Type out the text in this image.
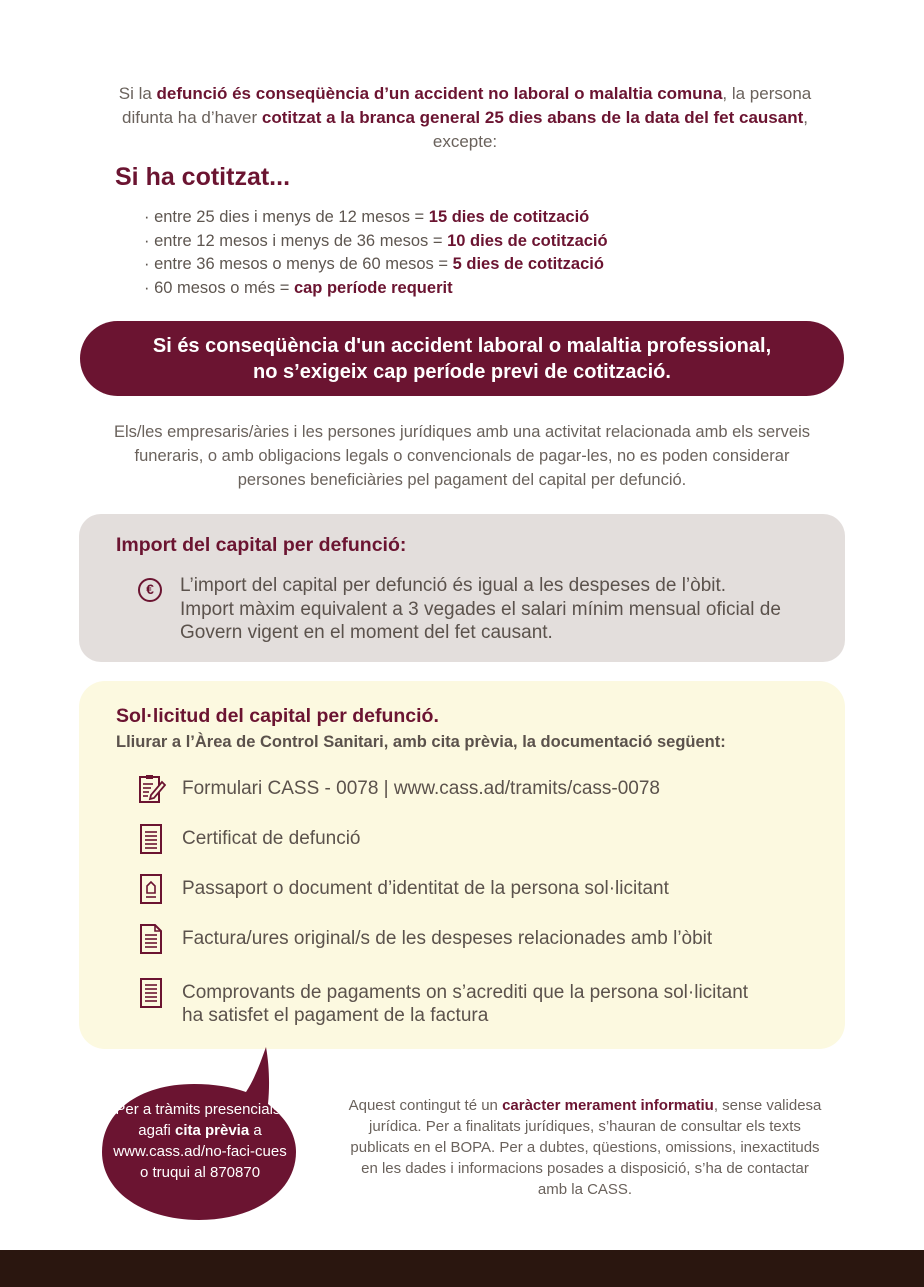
Si la defunció és conseqüència d’un accident no laboral o malaltia comuna, la persona difunta ha d’haver cotitzat a la branca general 25 dies abans de la data del fet causant, excepte:
Si ha cotitzat...
· entre 25 dies i menys de 12 mesos = 15 dies de cotització
· entre 12 mesos i menys de 36 mesos = 10 dies de cotització
· entre 36 mesos o menys de 60 mesos = 5 dies de cotització
· 60 mesos o més = cap període requerit
Si és conseqüència d'un accident laboral o malaltia professional,
no s’exigeix cap període previ de cotització.
Els/les empresaris/àries i les persones jurídiques amb una activitat relacionada amb els serveis funeraris, o amb obligacions legals o convencionals de pagar-les, no es poden considerar persones beneficiàries pel pagament del capital per defunció.
Import del capital per defunció:
€	L’import del capital per defunció és igual a les despeses de l’òbit.
Import màxim equivalent a 3 vegades el salari mínim mensual oficial de
Govern vigent en el moment del fet causant.
Sol·licitud del capital per defunció.
Lliurar a l’Àrea de Control Sanitari, amb cita prèvia, la documentació següent:
Formulari CASS - 0078 | www.cass.ad/tramits/cass-0078
Certificat de defunció
Passaport o document d’identitat de la persona sol·licitant
Factura/ures original/s de les despeses relacionades amb l’òbit
Comprovants de pagaments on s’acrediti que la persona sol·licitant
ha satisfet el pagament de la factura
Per a tràmits presencials,
agafi cita prèvia a
www.cass.ad/no-faci-cues
o truqui al 870870
Aquest contingut té un caràcter merament informatiu, sense validesa jurídica. Per a finalitats jurídiques, s’hauran de consultar els texts publicats en el BOPA. Per a dubtes, qüestions, omissions, inexactituds en les dades i informacions posades a disposició, s’ha de contactar amb la CASS.
